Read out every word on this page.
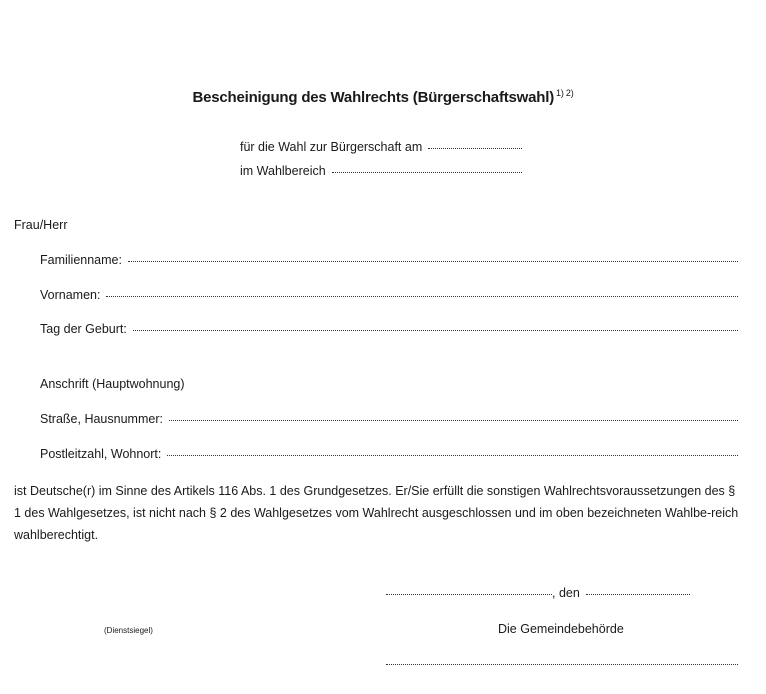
Bescheinigung des Wahlrechts (Bürgerschaftswahl) $^{1) 2)}$
für die Wahl zur Bürgerschaft am
im Wahlbereich
Frau/Herr
Familienname:
Vornamen:
Tag der Geburt:
Anschrift (Hauptwohnung)
Straße, Hausnummer:
Postleitzahl, Wohnort:
ist Deutsche(r) im Sinne des Artikels 116 Abs. 1 des Grundgesetzes. Er/Sie erfüllt die sonstigen Wahlrechtsvoraussetzungen des § 1 des Wahlgesetzes, ist nicht nach § 2 des Wahlgesetzes vom Wahlrecht ausgeschlossen und im oben bezeichneten Wahlbe-reich wahlberechtigt.
, den
(Dienstsiegel)	Die Gemeindebehörde
